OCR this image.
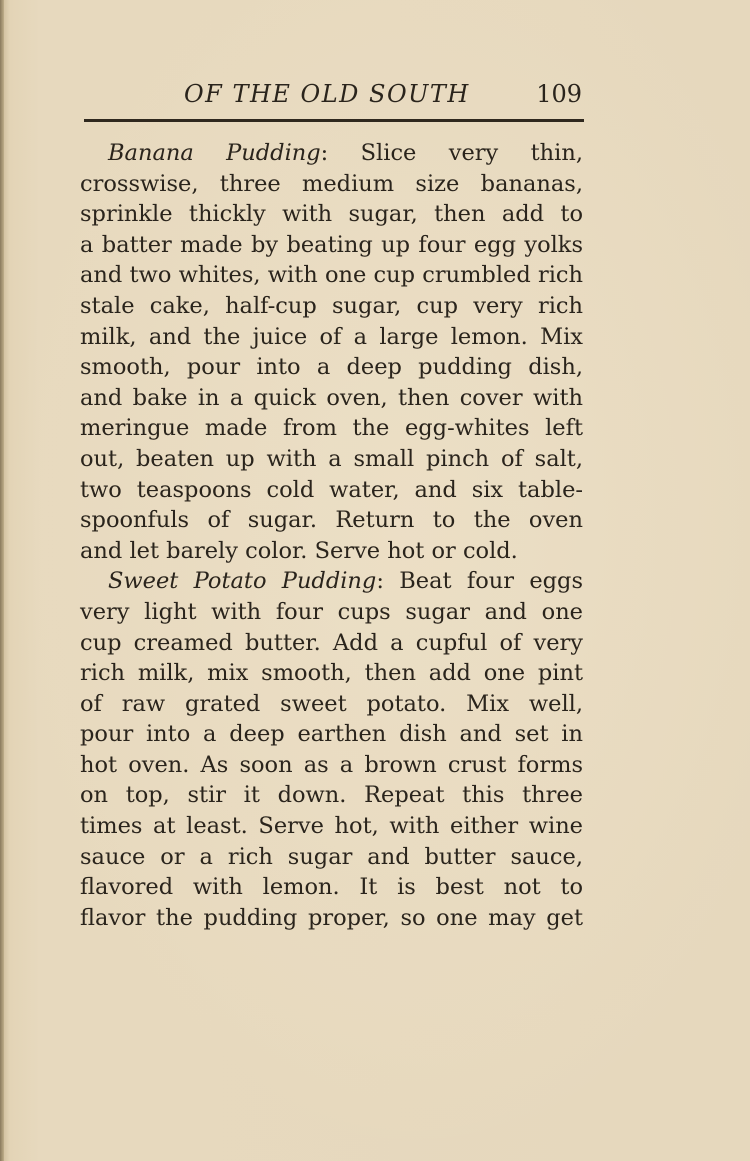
OF THE OLD SOUTH	109
Banana Pudding: Slice very thin,
crosswise, three medium size bananas,
sprinkle thickly with sugar, then add to
a batter made by beating up four egg yolks
and two whites, with one cup crumbled rich
stale cake, half-cup sugar, cup very rich
milk, and the juice of a large lemon. Mix
smooth, pour into a deep pudding dish,
and bake in a quick oven, then cover with
meringue made from the egg-whites left
out, beaten up with a small pinch of salt,
two teaspoons cold water, and six table-
spoonfuls of sugar. Return to the oven
and let barely color. Serve hot or cold.
Sweet Potato Pudding: Beat four eggs
very light with four cups sugar and one
cup creamed butter. Add a cupful of very
rich milk, mix smooth, then add one pint
of raw grated sweet potato. Mix well,
pour into a deep earthen dish and set in
hot oven. As soon as a brown crust forms
on top, stir it down. Repeat this three
times at least. Serve hot, with either wine
sauce or a rich sugar and butter sauce,
flavored with lemon. It is best not to
flavor the pudding proper, so one may get
